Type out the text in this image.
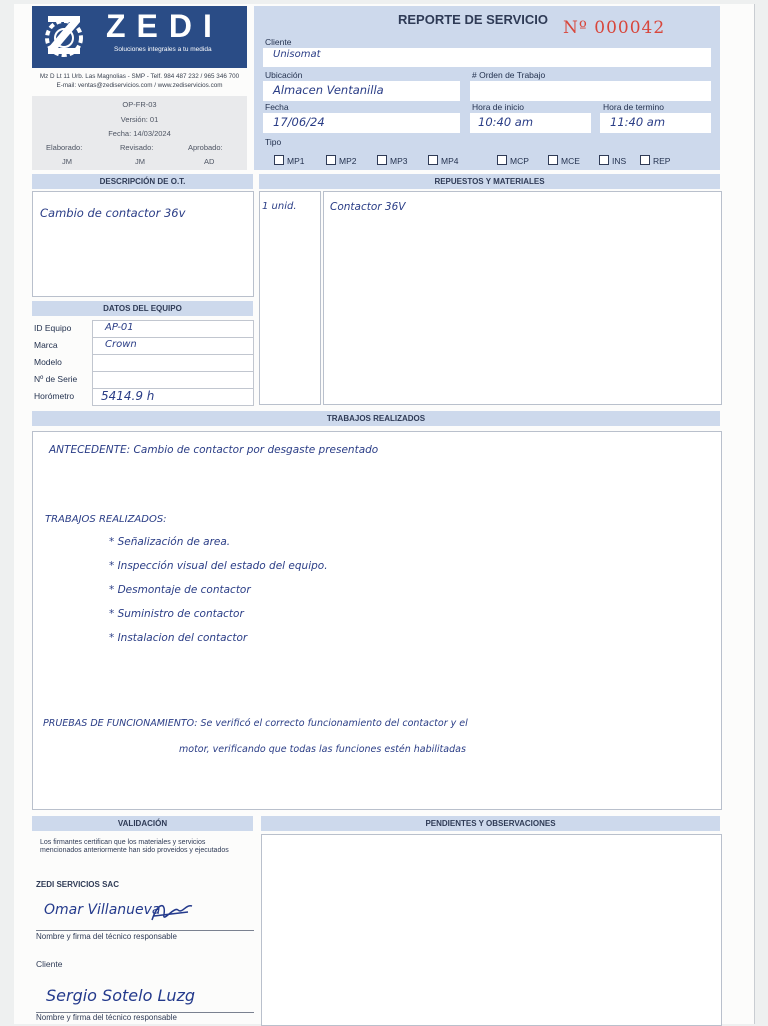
ZEDI
Soluciones integrales a tu medida
Mz D Lt 11 Urb. Las Magnolias - SMP - Telf. 984 487 232 / 965 346 700
E-mail: ventas@zediservicios.com / www.zediservicios.com
OP-FR-03
Versión: 01
Fecha: 14/03/2024
Elaborado:	Revisado:	Aprobado:
JM	JM	AD
REPORTE DE SERVICIO Nº 000042
Cliente
Unisomat
Ubicación
Almacen Ventanilla
# Orden de Trabajo
Fecha
17/06/24
Hora de inicio
10:40 am
Hora de termino
11:40 am
Tipo
MP1	MP2	MP3	MP4	MCP	MCE	INS	REP
DESCRIPCIÓN DE O.T.
Cambio de contactor 36v
REPUESTOS Y MATERIALES
1 unid.	Contactor 36V
DATOS DEL EQUIPO
ID Equipo	AP-01
Marca	Crown
Modelo
Nº de Serie
Horómetro 5414.9 h
TRABAJOS REALIZADOS
ANTECEDENTE: Cambio de contactor por desgaste presentado
TRABAJOS REALIZADOS:
* Señalización de area.
* Inspección visual del estado del equipo.
* Desmontaje de contactor
* Suministro de contactor
* Instalacion del contactor
PRUEBAS DE FUNCIONAMIENTO: Se verificó el correcto funcionamiento del contactor y el
motor, verificando que todas las funciones estén habilitadas
VALIDACIÓN
Los firmantes certifican que los materiales y servicios mencionados anteriormente han sido proveidos y ejecutados
ZEDI SERVICIOS SAC
Omar Villanueva
Nombre y firma del técnico responsable
Cliente
Sergio Sotelo Luzg
Nombre y firma del técnico responsable
PENDIENTES Y OBSERVACIONES
